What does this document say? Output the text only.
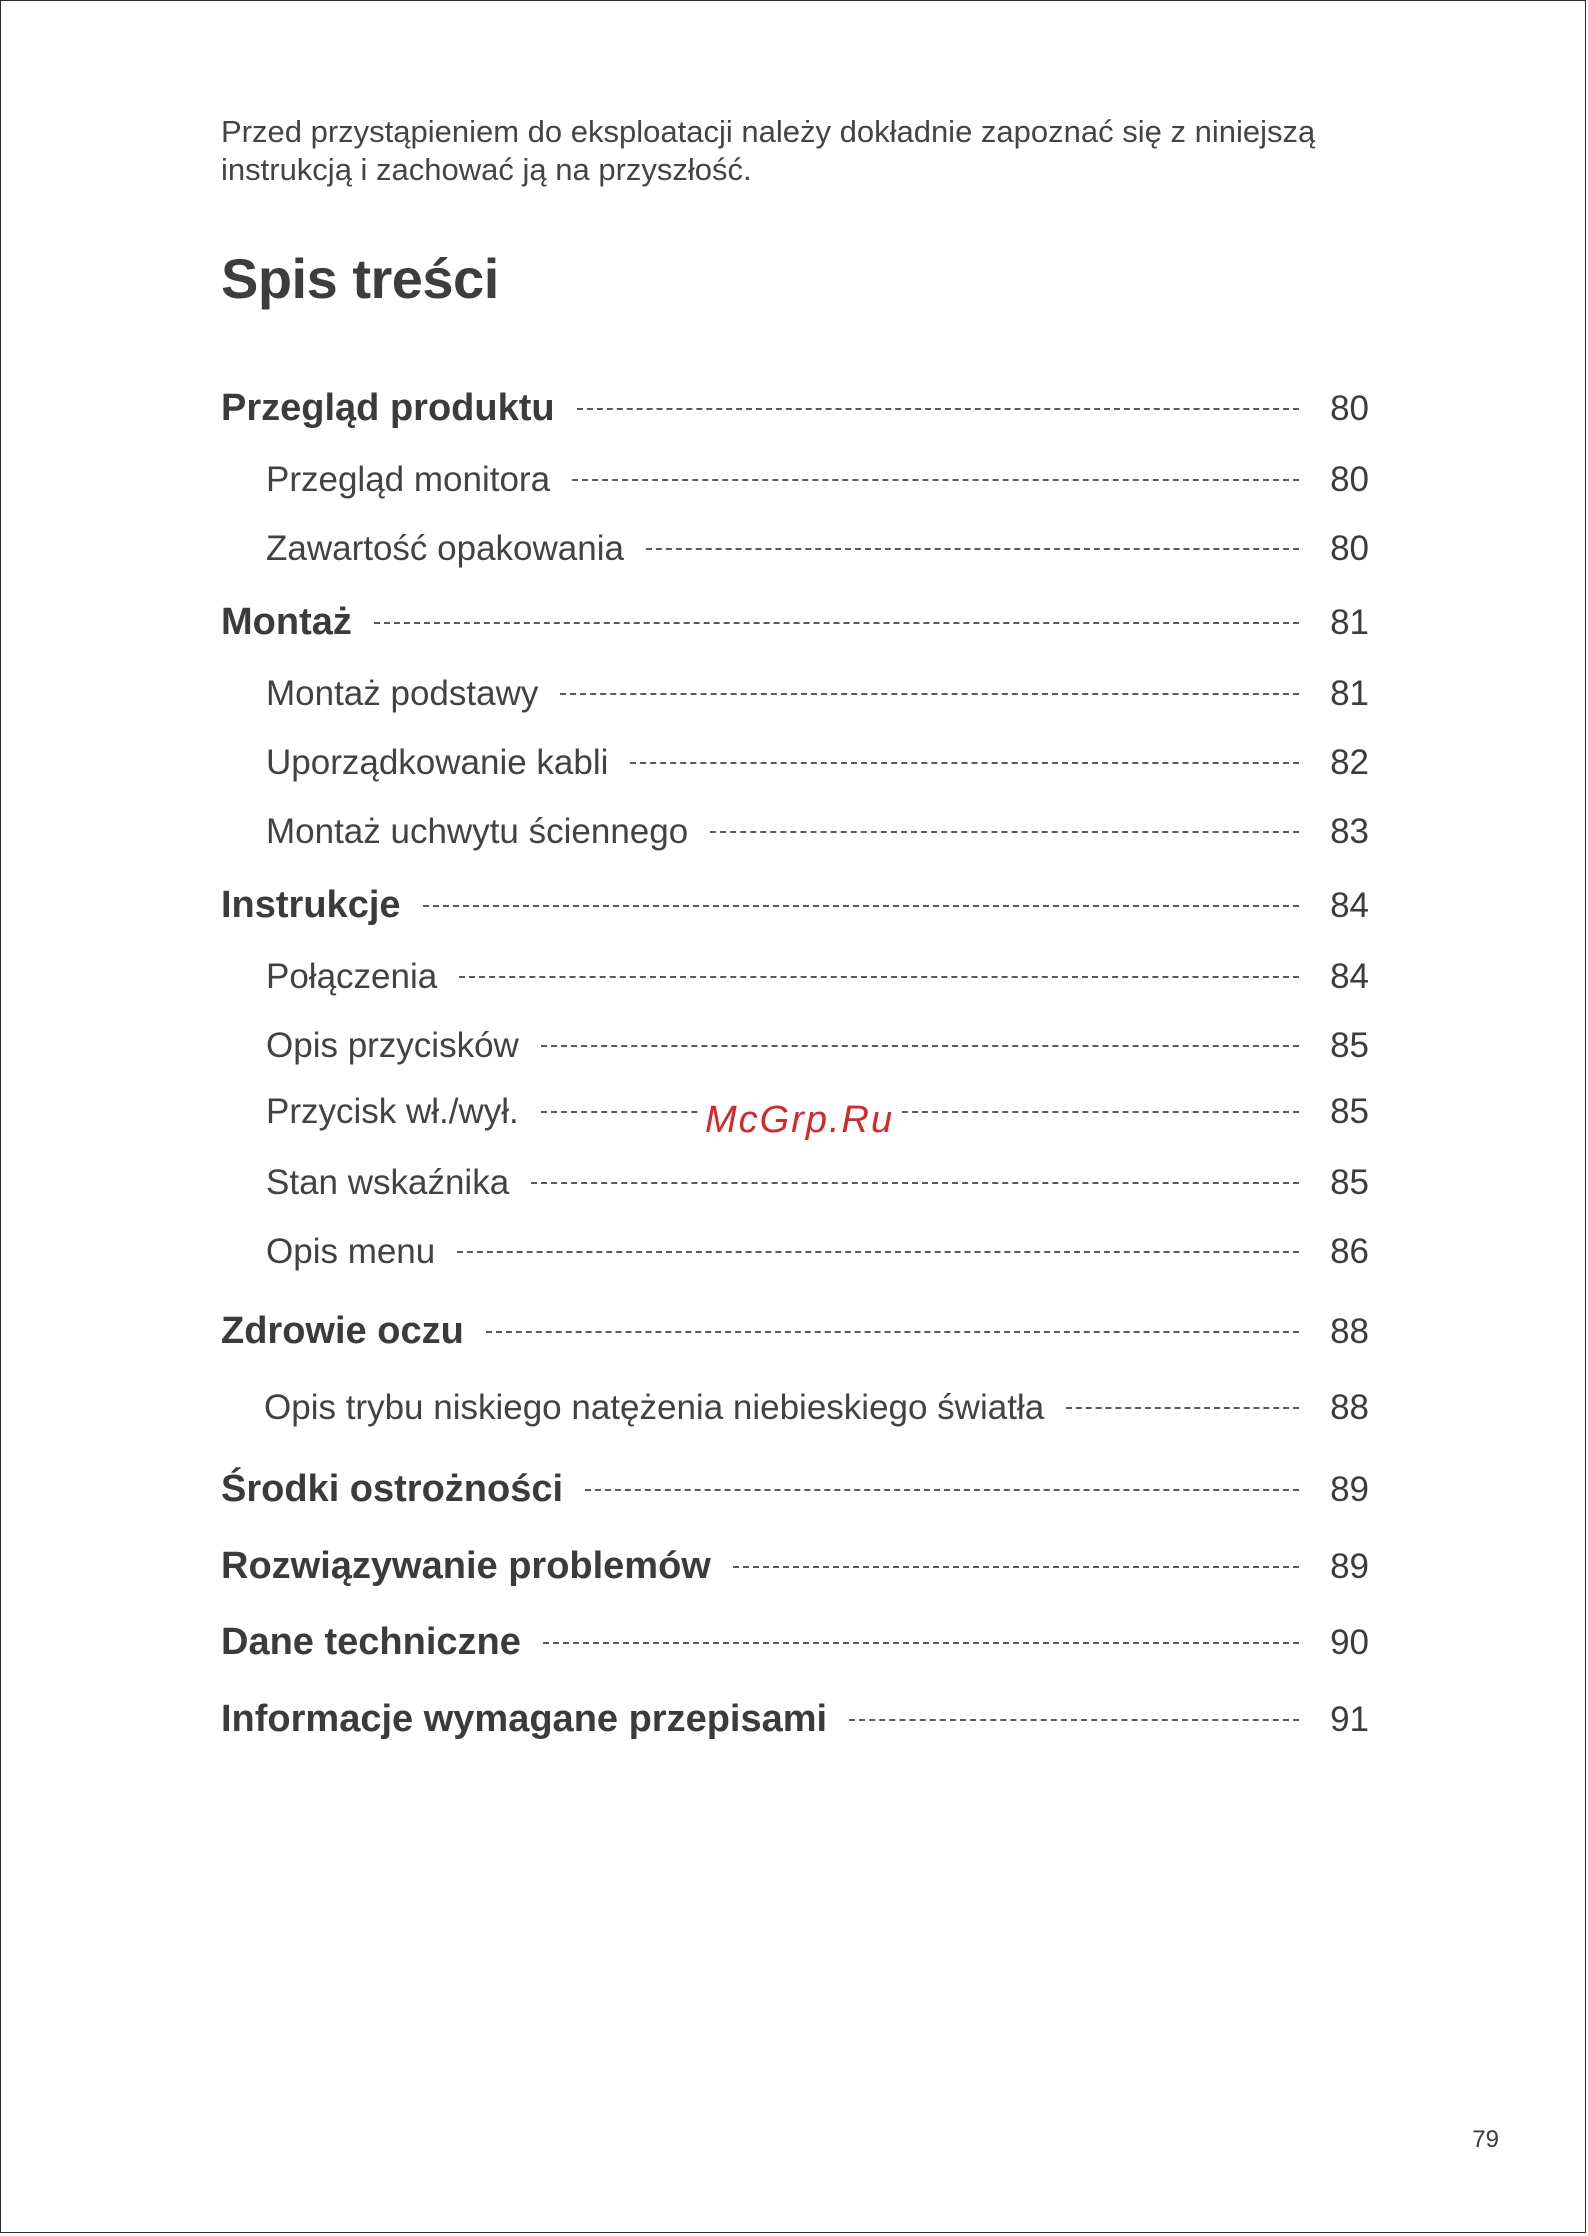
Przed przystąpieniem do eksploatacji należy dokładnie zapoznać się z niniejszą instrukcją i zachować ją na przyszłość.

Spis treści
Przegląd produktu	80
Przegląd monitora	80
Zawartość opakowania	80
Montaż	81
Montaż podstawy	81
Uporządkowanie kabli	82
Montaż uchwytu ściennego	83
Instrukcje	84
Połączenia	84
Opis przycisków	85
Przycisk wł./wył.	85
Stan wskaźnika	85
Opis menu	86
Zdrowie oczu	88
Opis trybu niskiego natężenia niebieskiego światła	88
Środki ostrożności	89
Rozwiązywanie problemów	89
Dane techniczne	90
Informacje wymagane przepisami	91
McGrp.Ru
79
